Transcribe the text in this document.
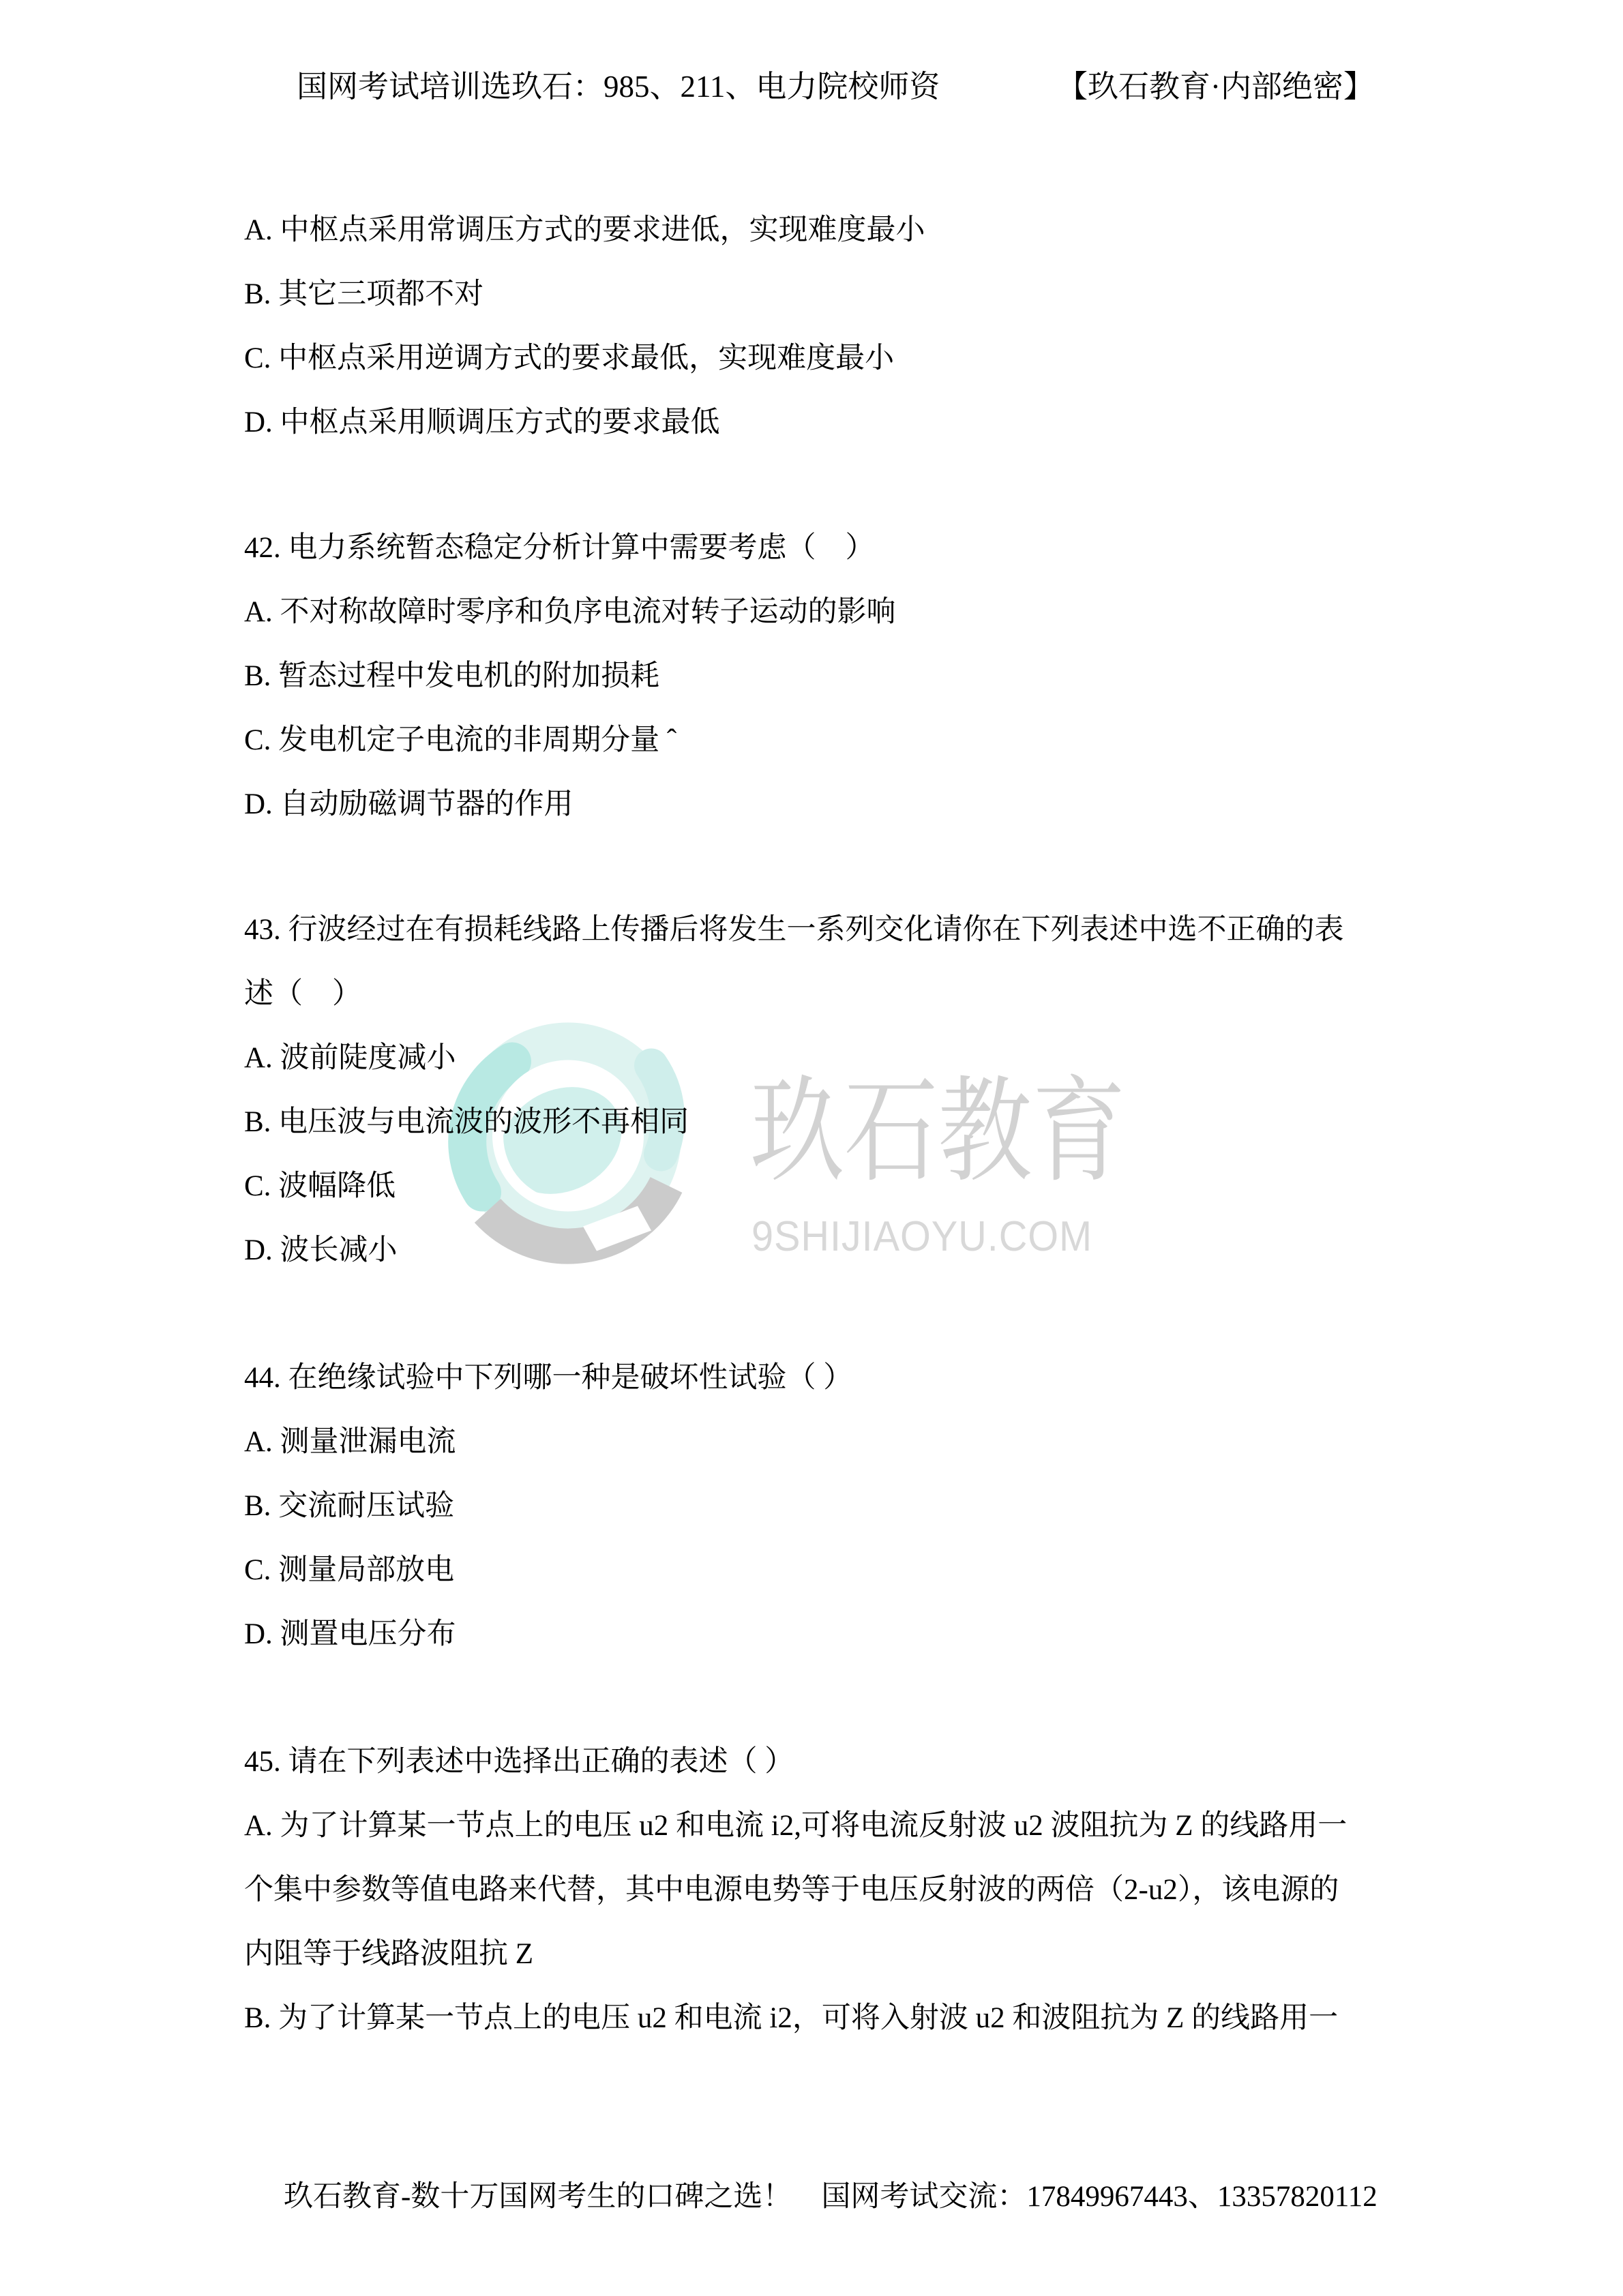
国网考试培训选玖石：985、211、电力院校师资	【玖石教育·内部绝密】
玖石教育
9SHIJIAOYU.COM
A. 中枢点采用常调压方式的要求进低，实现难度最小
B. 其它三项都不对
C. 中枢点采用逆调方式的要求最低，实现难度最小
D. 中枢点采用顺调压方式的要求最低
42. 电力系统暂态稳定分析计算中需要考虑（　）
A. 不对称故障时零序和负序电流对转子运动的影响
B. 暂态过程中发电机的附加损耗
C. 发电机定子电流的非周期分量 ˆ
D. 自动励磁调节器的作用
43. 行波经过在有损耗线路上传播后将发生一系列交化请你在下列表述中选不正确的表
述（　）
A. 波前陡度减小
B. 电压波与电流波的波形不再相同
C. 波幅降低
D. 波长减小
44. 在绝缘试验中下列哪一种是破坏性试验（ ）
A. 测量泄漏电流
B. 交流耐压试验
C. 测量局部放电
D. 测置电压分布
45. 请在下列表述中选择出正确的表述（ ）
A. 为了计算某一节点上的电压 u2 和电流 i2,可将电流反射波 u2 波阻抗为 Z 的线路用一
个集中参数等值电路来代替，其中电源电势等于电压反射波的两倍（2-u2），该电源的
内阻等于线路波阻抗 Z
B. 为了计算某一节点上的电压 u2 和电流 i2，可将入射波 u2 和波阻抗为 Z 的线路用一
玖石教育-数十万国网考生的口碑之选！　国网考试交流：17849967443、13357820112
